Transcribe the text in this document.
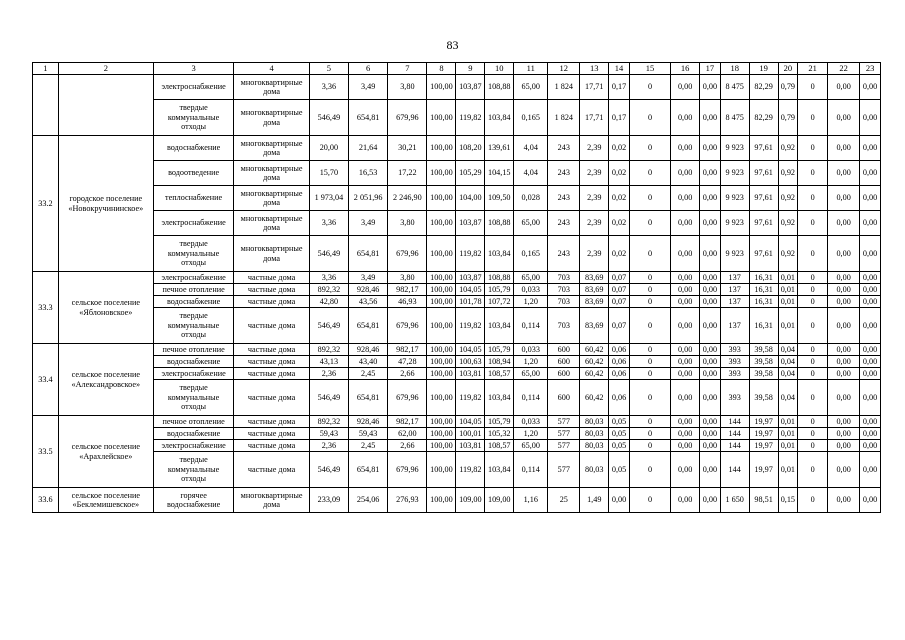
83
1	2	3	4	5	6	7	8	9	10	11	12	13	14	15	16	17	18	19	20	21	22	23
		электроснабжение	многоквартирные дома	3,36	3,49	3,80	100,00	103,87	108,88	65,00	1 824	17,71	0,17	0	0,00	0,00	8 475	82,29	0,79	0	0,00	0,00
		твердые коммунальные отходы	многоквартирные дома	546,49	654,81	679,96	100,00	119,82	103,84	0,165	1 824	17,71	0,17	0	0,00	0,00	8 475	82,29	0,79	0	0,00	0,00
33.2	городское поселение «Новокручининское»	водоснабжение	многоквартирные дома	20,00	21,64	30,21	100,00	108,20	139,61	4,04	243	2,39	0,02	0	0,00	0,00	9 923	97,61	0,92	0	0,00	0,00
		водоотведение	многоквартирные дома	15,70	16,53	17,22	100,00	105,29	104,15	4,04	243	2,39	0,02	0	0,00	0,00	9 923	97,61	0,92	0	0,00	0,00
		теплоснабжение	многоквартирные дома	1 973,04	2 051,96	2 246,90	100,00	104,00	109,50	0,028	243	2,39	0,02	0	0,00	0,00	9 923	97,61	0,92	0	0,00	0,00
		электроснабжение	многоквартирные дома	3,36	3,49	3,80	100,00	103,87	108,88	65,00	243	2,39	0,02	0	0,00	0,00	9 923	97,61	0,92	0	0,00	0,00
		твердые коммунальные отходы	многоквартирные дома	546,49	654,81	679,96	100,00	119,82	103,84	0,165	243	2,39	0,02	0	0,00	0,00	9 923	97,61	0,92	0	0,00	0,00
33.3	сельское поселение «Яблоновское»	электроснабжение	частные дома	3,36	3,49	3,80	100,00	103,87	108,88	65,00	703	83,69	0,07	0	0,00	0,00	137	16,31	0,01	0	0,00	0,00
		печное отопление	частные дома	892,32	928,46	982,17	100,00	104,05	105,79	0,033	703	83,69	0,07	0	0,00	0,00	137	16,31	0,01	0	0,00	0,00
		водоснабжение	частные дома	42,80	43,56	46,93	100,00	101,78	107,72	1,20	703	83,69	0,07	0	0,00	0,00	137	16,31	0,01	0	0,00	0,00
		твердые коммунальные отходы	частные дома	546,49	654,81	679,96	100,00	119,82	103,84	0,114	703	83,69	0,07	0	0,00	0,00	137	16,31	0,01	0	0,00	0,00
33.4	сельское поселение «Александровское»	печное отопление	частные дома	892,32	928,46	982,17	100,00	104,05	105,79	0,033	600	60,42	0,06	0	0,00	0,00	393	39,58	0,04	0	0,00	0,00
		водоснабжение	частные дома	43,13	43,40	47,28	100,00	100,63	108,94	1,20	600	60,42	0,06	0	0,00	0,00	393	39,58	0,04	0	0,00	0,00
		электроснабжение	частные дома	2,36	2,45	2,66	100,00	103,81	108,57	65,00	600	60,42	0,06	0	0,00	0,00	393	39,58	0,04	0	0,00	0,00
		твердые коммунальные отходы	частные дома	546,49	654,81	679,96	100,00	119,82	103,84	0,114	600	60,42	0,06	0	0,00	0,00	393	39,58	0,04	0	0,00	0,00
33.5	сельское поселение «Арахлейское»	печное отопление	частные дома	892,32	928,46	982,17	100,00	104,05	105,79	0,033	577	80,03	0,05	0	0,00	0,00	144	19,97	0,01	0	0,00	0,00
		водоснабжение	частные дома	59,43	59,43	62,00	100,00	100,01	105,32	1,20	577	80,03	0,05	0	0,00	0,00	144	19,97	0,01	0	0,00	0,00
		электроснабжение	частные дома	2,36	2,45	2,66	100,00	103,81	108,57	65,00	577	80,03	0,05	0	0,00	0,00	144	19,97	0,01	0	0,00	0,00
		твердые коммунальные отходы	частные дома	546,49	654,81	679,96	100,00	119,82	103,84	0,114	577	80,03	0,05	0	0,00	0,00	144	19,97	0,01	0	0,00	0,00
33.6	сельское поселение «Беклемишевское»	горячее водоснабжение	многоквартирные дома	233,09	254,06	276,93	100,00	109,00	109,00	1,16	25	1,49	0,00	0	0,00	0,00	1 650	98,51	0,15	0	0,00	0,00
